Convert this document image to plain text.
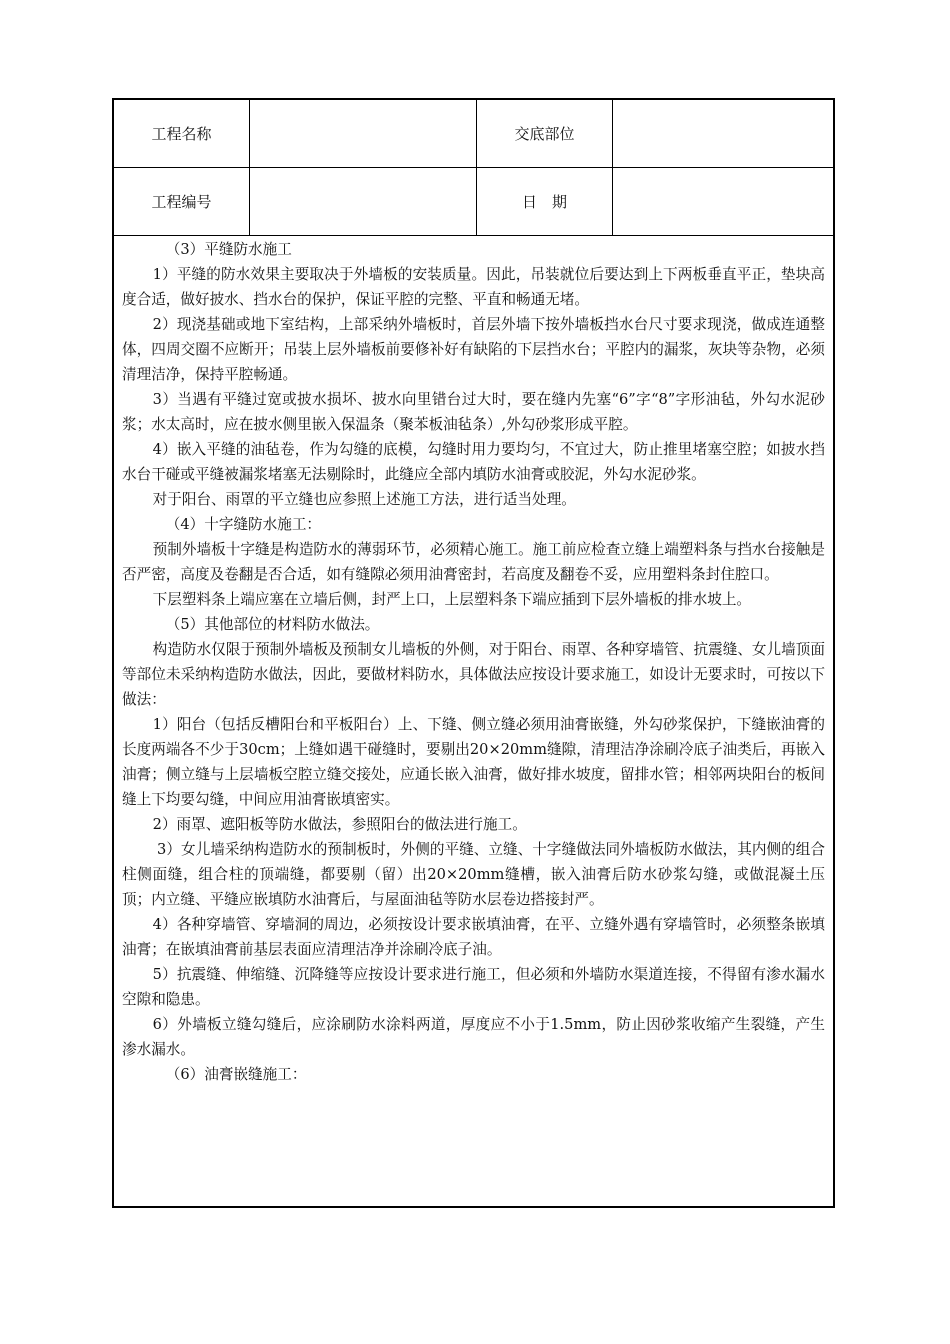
工程名称	交底部位
工程编号	日　期

（3）平缝防水施工

1）平缝的防水效果主要取决于外墙板的安装质量。因此，吊装就位后要达到上下两板垂直平正，垫块高度合适，做好披水、挡水台的保护，保证平腔的完整、平直和畅通无堵。

2）现浇基础或地下室结构，上部采纳外墙板时，首层外墙下按外墙板挡水台尺寸要求现浇，做成连通整体，四周交圈不应断开；吊装上层外墙板前要修补好有缺陷的下层挡水台；平腔内的漏浆，灰块等杂物，必须清理洁净，保持平腔畅通。

3）当遇有平缝过宽或披水损坏、披水向里错台过大时，要在缝内先塞“6”字“8”字形油毡，外勾水泥砂浆；水太高时，应在披水侧里嵌入保温条（聚苯板油毡条）,外勾砂浆形成平腔。

4）嵌入平缝的油毡卷，作为勾缝的底模，勾缝时用力要均匀，不宜过大，防止推里堵塞空腔；如披水挡水台干碰或平缝被漏浆堵塞无法剔除时，此缝应全部内填防水油膏或胶泥，外勾水泥砂浆。

对于阳台、雨罩的平立缝也应参照上述施工方法，进行适当处理。

（4）十字缝防水施工：

预制外墙板十字缝是构造防水的薄弱环节，必须精心施工。施工前应检查立缝上端塑料条与挡水台接触是否严密，高度及卷翻是否合适，如有缝隙必须用油膏密封，若高度及翻卷不妥，应用塑料条封住腔口。

下层塑料条上端应塞在立墙后侧，封严上口，上层塑料条下端应插到下层外墙板的排水坡上。

（5）其他部位的材料防水做法。

构造防水仅限于预制外墙板及预制女儿墙板的外侧，对于阳台、雨罩、各种穿墙管、抗震缝、女儿墙顶面等部位未采纳构造防水做法，因此，要做材料防水，具体做法应按设计要求施工，如设计无要求时，可按以下做法：

1）阳台（包括反槽阳台和平板阳台）上、下缝、侧立缝必须用油膏嵌缝，外勾砂浆保护，下缝嵌油膏的长度两端各不少于30cm；上缝如遇干碰缝时，要剔出20×20mm缝隙，清理洁净涂刷冷底子油类后，再嵌入油膏；侧立缝与上层墙板空腔立缝交接处，应通长嵌入油膏，做好排水坡度，留排水管；相邻两块阳台的板间缝上下均要勾缝，中间应用油膏嵌填密实。

2）雨罩、遮阳板等防水做法，参照阳台的做法进行施工。

3）女儿墙采纳构造防水的预制板时，外侧的平缝、立缝、十字缝做法同外墙板防水做法，其内侧的组合柱侧面缝，组合柱的顶端缝，都要剔（留）出20×20mm缝槽，嵌入油膏后防水砂浆勾缝，或做混凝土压顶；内立缝、平缝应嵌填防水油膏后，与屋面油毡等防水层卷边搭接封严。

4）各种穿墙管、穿墙洞的周边，必须按设计要求嵌填油膏，在平、立缝外遇有穿墙管时，必须整条嵌填油膏；在嵌填油膏前基层表面应清理洁净并涂刷冷底子油。

5）抗震缝、伸缩缝、沉降缝等应按设计要求进行施工，但必须和外墙防水渠道连接，不得留有渗水漏水空隙和隐患。

6）外墙板立缝勾缝后，应涂刷防水涂料两道，厚度应不小于1.5mm，防止因砂浆收缩产生裂缝，产生渗水漏水。

（6）油膏嵌缝施工：
